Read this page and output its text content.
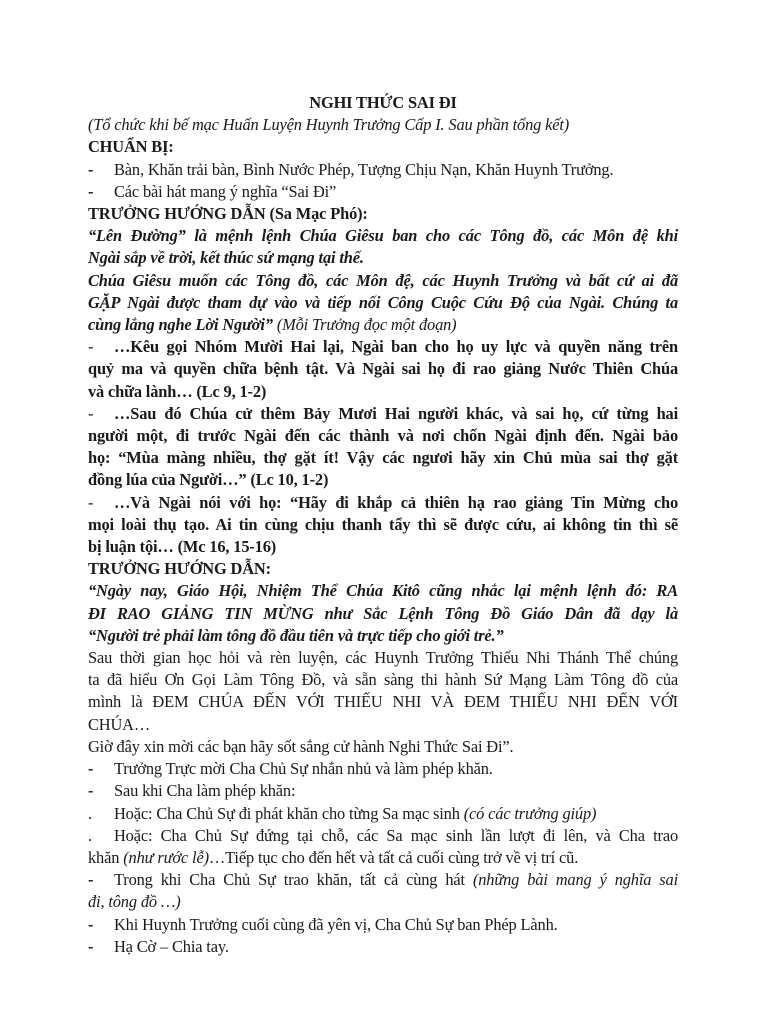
NGHI THỨC SAI ĐI
(Tổ chức khi bế mạc Huấn Luyện Huynh Trưởng Cấp I. Sau phần tổng kết)
CHUẨN BỊ:
- Bàn, Khăn trải bàn, Bình Nước Phép, Tượng Chịu Nạn, Khăn Huynh Trưởng.
- Các bài hát mang ý nghĩa “Sai Đi”
TRƯỞNG HƯỚNG DẪN (Sa Mạc Phó):
“Lên Đường” là mệnh lệnh Chúa Giêsu ban cho các Tông đồ, các Môn đệ khi
Ngài sắp về trời, kết thúc sứ mạng tại thế.
Chúa Giêsu muốn các Tông đồ, các Môn đệ, các Huynh Trưởng và bất cứ ai đã
GẶP Ngài được tham dự vào và tiếp nối Công Cuộc Cứu Độ của Ngài. Chúng ta
cùng lắng nghe Lời Người” (Mỗi Trưởng đọc một đoạn)
- …Kêu gọi Nhóm Mười Hai lại, Ngài ban cho họ uy lực và quyền năng trên
quỷ ma và quyền chữa bệnh tật. Và Ngài sai họ đi rao giảng Nước Thiên Chúa
và chữa lành… (Lc 9, 1-2)
- …Sau đó Chúa cử thêm Bảy Mươi Hai người khác, và sai họ, cứ từng hai
người một, đi trước Ngài đến các thành và nơi chốn Ngài định đến. Ngài bảo
họ: “Mùa màng nhiều, thợ gặt ít! Vậy các ngươi hãy xin Chủ mùa sai thợ gặt
đồng lúa của Người…” (Lc 10, 1-2)
- …Và Ngài nói với họ: “Hãy đi khắp cả thiên hạ rao giảng Tin Mừng cho
mọi loài thụ tạo. Ai tin cùng chịu thanh tẩy thì sẽ được cứu, ai không tin thì sẽ
bị luận tội… (Mc 16, 15-16)
TRƯỞNG HƯỚNG DẪN:
“Ngày nay, Giáo Hội, Nhiệm Thể Chúa Kitô cũng nhắc lại mệnh lệnh đó: RA
ĐI RAO GIẢNG TIN MỪNG như Sắc Lệnh Tông Đồ Giáo Dân đã dạy là
“Người trẻ phải làm tông đồ đầu tiên và trực tiếp cho giới trẻ.”
Sau thời gian học hỏi và rèn luyện, các Huynh Trưởng Thiếu Nhi Thánh Thể chúng
ta đã hiểu Ơn Gọi Làm Tông Đồ, và sẵn sàng thi hành Sứ Mạng Làm Tông đồ của
mình là ĐEM CHÚA ĐẾN VỚI THIẾU NHI VÀ ĐEM THIẾU NHI ĐẾN VỚI
CHÚA…
Giờ đây xin mời các bạn hãy sốt sắng cử hành Nghi Thức Sai Đi”.
- Trưởng Trực mời Cha Chủ Sự nhắn nhủ và làm phép khăn.
- Sau khi Cha làm phép khăn:
. Hoặc: Cha Chủ Sự đi phát khăn cho từng Sa mạc sinh (có các trưởng giúp)
. Hoặc: Cha Chủ Sự đứng tại chỗ, các Sa mạc sinh lần lượt đi lên, và Cha trao
khăn (như rước lễ)…Tiếp tục cho đến hết và tất cả cuối cùng trở về vị trí cũ.
- Trong khi Cha Chủ Sự trao khăn, tất cả cùng hát (những bài mang ý nghĩa sai
đi, tông đồ …)
- Khi Huynh Trưởng cuối cùng đã yên vị, Cha Chủ Sự ban Phép Lành.
- Hạ Cờ – Chia tay.
